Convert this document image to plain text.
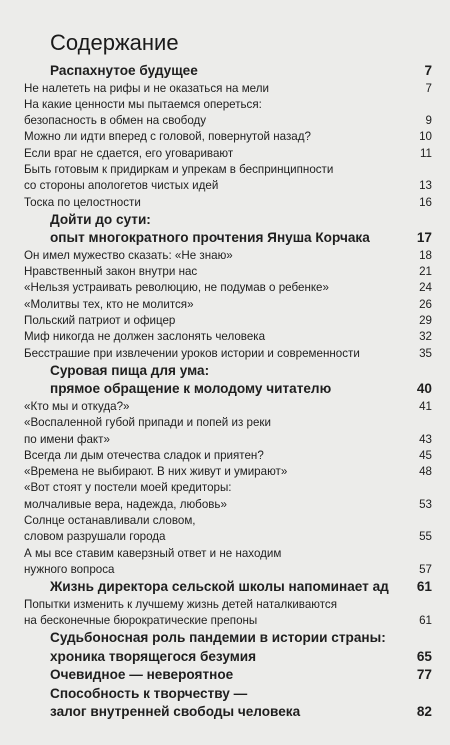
Содержание
Распахнутое будущее	7
Не налететь на рифы и не оказаться на мели	7
На какие ценности мы пытаемся опереться:
безопасность в обмен на свободу	9
Можно ли идти вперед с головой, повернутой назад?	10
Если враг не сдается, его уговаривают	11
Быть готовым к придиркам и упрекам в беспринципности
со стороны апологетов чистых идей	13
Тоска по целостности	16
Дойти до сути:
опыт многократного прочтения Януша Корчака	17
Он имел мужество сказать: «Не знаю»	18
Нравственный закон внутри нас	21
«Нельзя устраивать революцию, не подумав о ребенке»	24
«Молитвы тех, кто не молится»	26
Польский патриот и офицер	29
Миф никогда не должен заслонять человека	32
Бесстрашие при извлечении уроков истории и современности	35
Суровая пища для ума:
прямое обращение к молодому читателю	40
«Кто мы и откуда?»	41
«Воспаленной губой припади и попей из реки
по имени факт»	43
Всегда ли дым отечества сладок и приятен?	45
«Времена не выбирают. В них живут и умирают»	48
«Вот стоят у постели моей кредиторы:
молчаливые вера, надежда, любовь»	53
Солнце останавливали словом,
словом разрушали города	55
А мы все ставим каверзный ответ и не находим
нужного вопроса	57
Жизнь директора сельской школы напоминает ад	61
Попытки изменить к лучшему жизнь детей наталкиваются
на бесконечные бюрократические препоны	61
Судьбоносная роль пандемии в истории страны:
хроника творящегося безумия	65
Очевидное — невероятное	77
Способность к творчеству —
залог внутренней свободы человека	82
